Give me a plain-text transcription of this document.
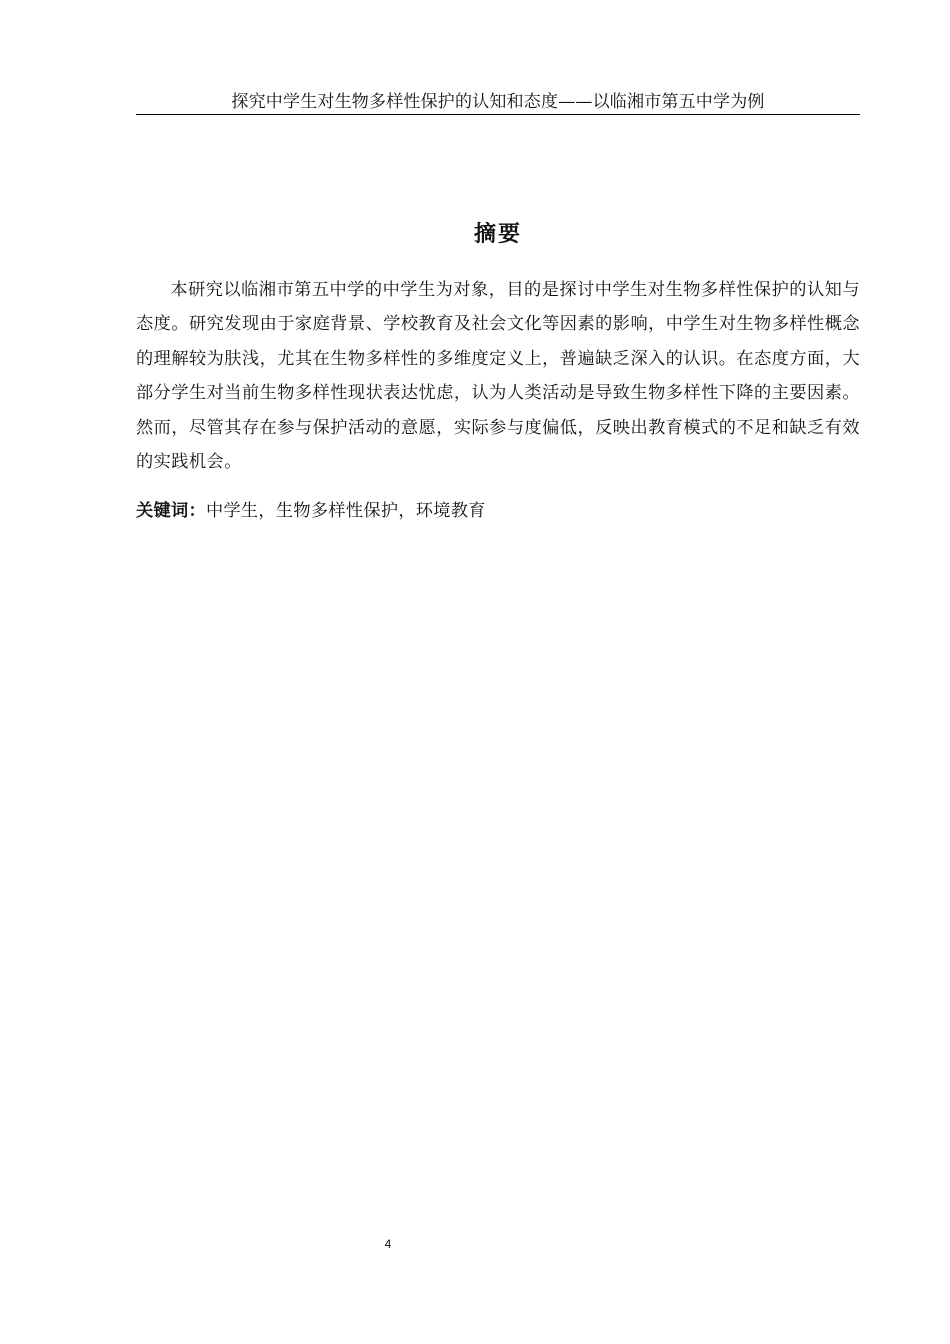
探究中学生对生物多样性保护的认知和态度——以临湘市第五中学为例
摘要

本研究以临湘市第五中学的中学生为对象，目的是探讨中学生对生物多样性保护的认知与态度。研究发现由于家庭背景、学校教育及社会文化等因素的影响，中学生对生物多样性概念的理解较为肤浅，尤其在生物多样性的多维度定义上，普遍缺乏深入的认识。在态度方面，大部分学生对当前生物多样性现状表达忧虑，认为人类活动是导致生物多样性下降的主要因素。然而，尽管其存在参与保护活动的意愿，实际参与度偏低，反映出教育模式的不足和缺乏有效的实践机会。

关键词：中学生，生物多样性保护，环境教育
4
